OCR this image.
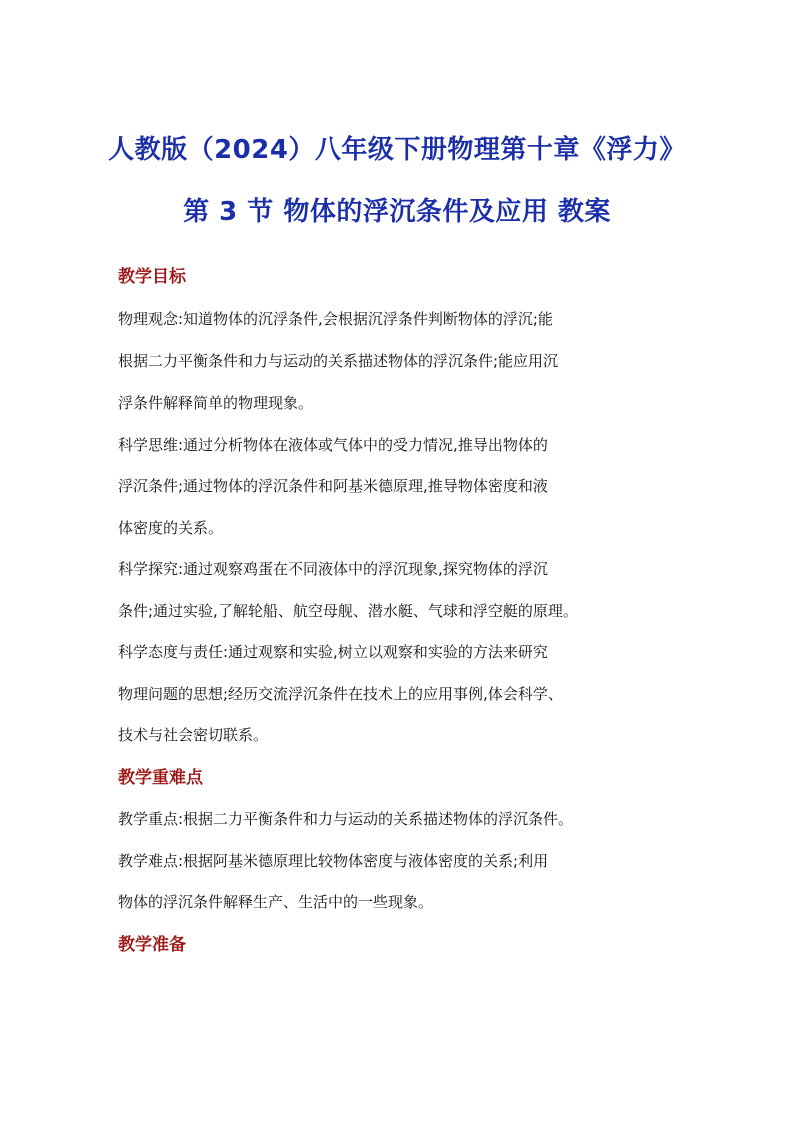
人教版（2024）八年级下册物理第十章《浮力》
第 3 节 物体的浮沉条件及应用 教案
教学目标
物理观念:知道物体的沉浮条件,会根据沉浮条件判断物体的浮沉;能
根据二力平衡条件和力与运动的关系描述物体的浮沉条件;能应用沉
浮条件解释简单的物理现象。
科学思维:通过分析物体在液体或气体中的受力情况,推导出物体的
浮沉条件;通过物体的浮沉条件和阿基米德原理,推导物体密度和液
体密度的关系。
科学探究:通过观察鸡蛋在不同液体中的浮沉现象,探究物体的浮沉
条件;通过实验,了解轮船、航空母舰、潜水艇、气球和浮空艇的原理。
科学态度与责任:通过观察和实验,树立以观察和实验的方法来研究
物理问题的思想;经历交流浮沉条件在技术上的应用事例,体会科学、
技术与社会密切联系。
教学重难点
教学重点:根据二力平衡条件和力与运动的关系描述物体的浮沉条件。
教学难点:根据阿基米德原理比较物体密度与液体密度的关系;利用
物体的浮沉条件解释生产、生活中的一些现象。
教学准备
